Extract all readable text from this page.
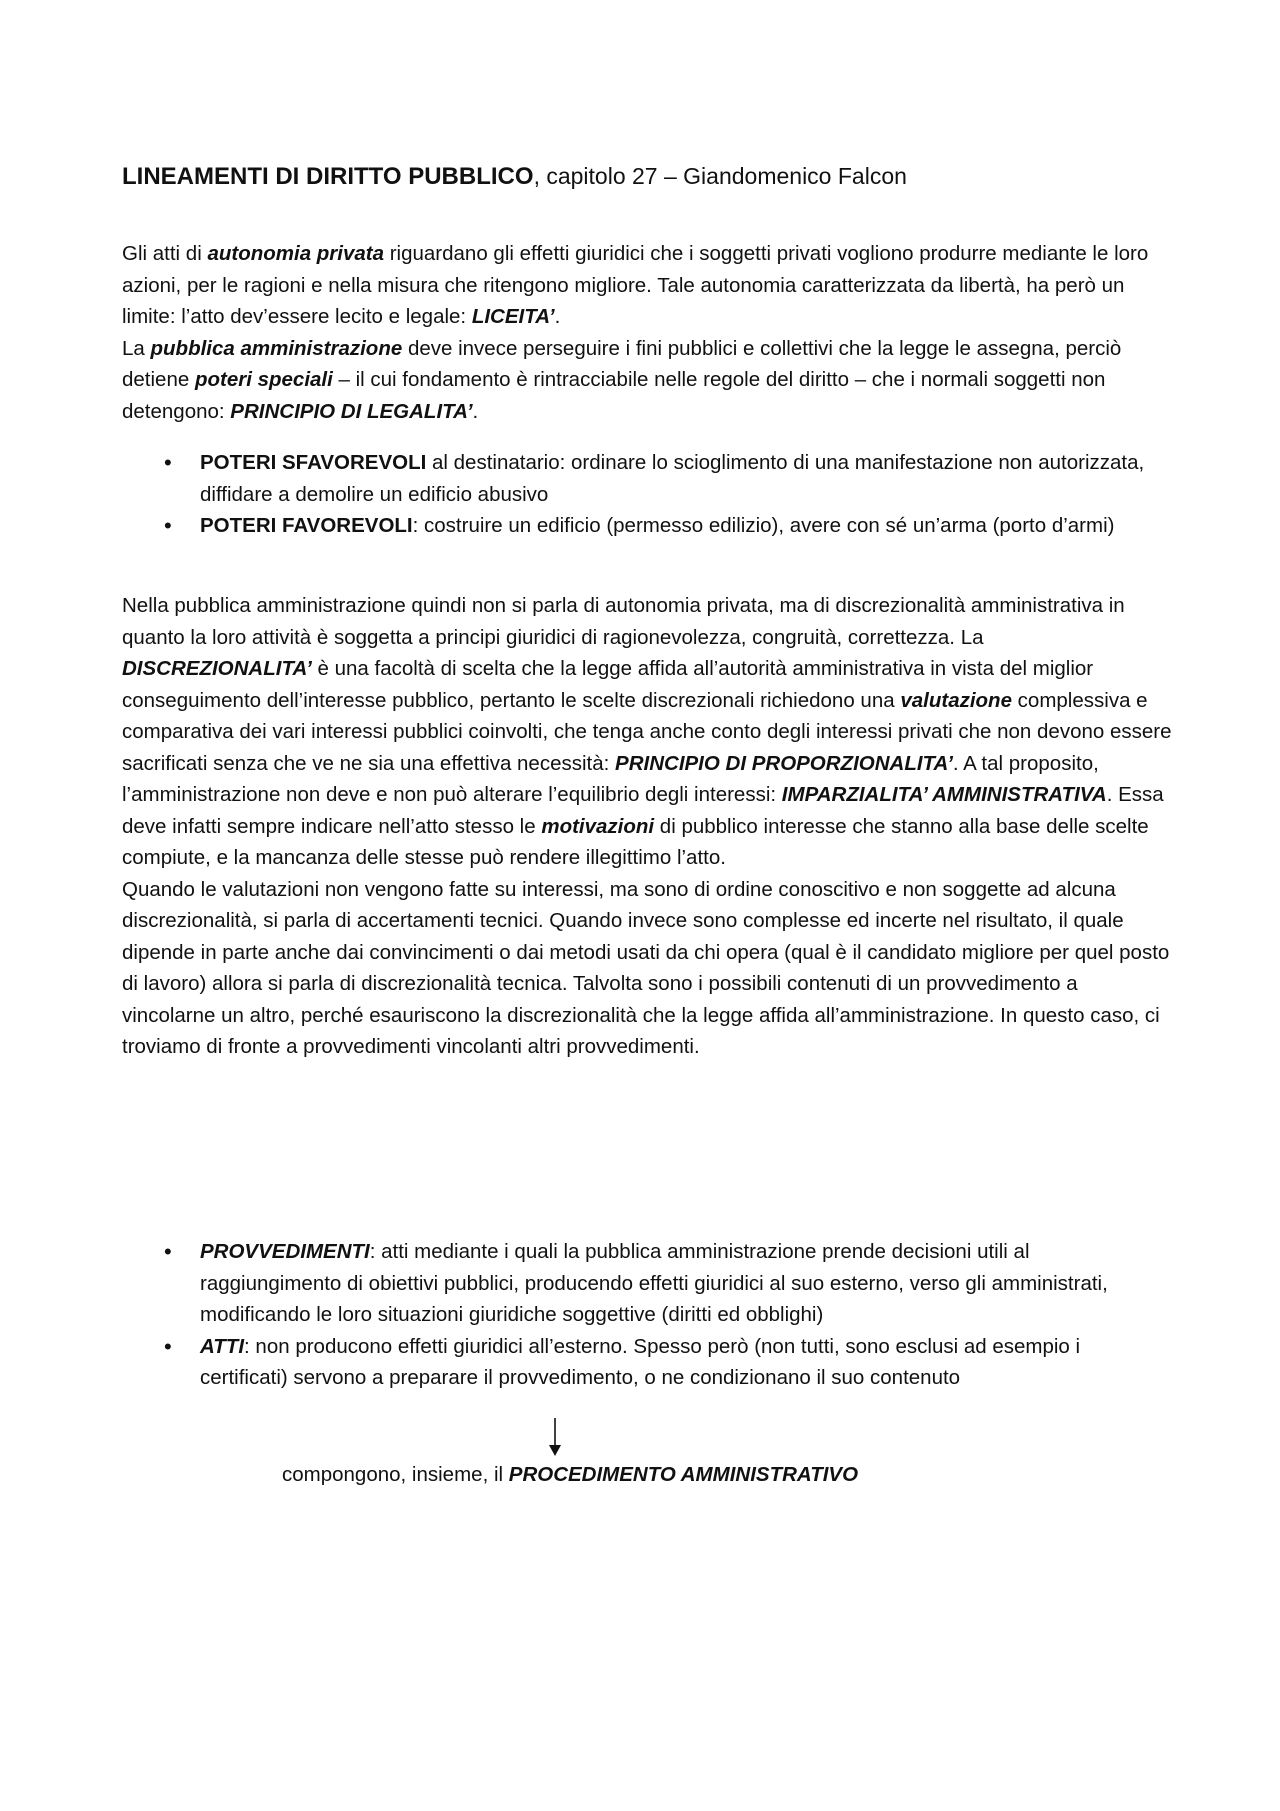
LINEAMENTI DI DIRITTO PUBBLICO, capitolo 27 – Giandomenico Falcon

Gli atti di autonomia privata riguardano gli effetti giuridici che i soggetti privati vogliono produrre mediante le loro azioni, per le ragioni e nella misura che ritengono migliore. Tale autonomia caratterizzata da libertà, ha però un limite: l’atto dev’essere lecito e legale: LICEITA’.

La pubblica amministrazione deve invece perseguire i fini pubblici e collettivi che la legge le assegna, perciò detiene poteri speciali – il cui fondamento è rintracciabile nelle regole del diritto – che i normali soggetti non detengono: PRINCIPIO DI LEGALITA’.

• POTERI SFAVOREVOLI al destinatario: ordinare lo scioglimento di una manifestazione non autorizzata, diffidare a demolire un edificio abusivo
• POTERI FAVOREVOLI: costruire un edificio (permesso edilizio), avere con sé un’arma (porto d’armi)

Nella pubblica amministrazione quindi non si parla di autonomia privata, ma di discrezionalità amministrativa in quanto la loro attività è soggetta a principi giuridici di ragionevolezza, congruità, correttezza. La DISCREZIONALITA’ è una facoltà di scelta che la legge affida all’autorità amministrativa in vista del miglior conseguimento dell’interesse pubblico, pertanto le scelte discrezionali richiedono una valutazione complessiva e comparativa dei vari interessi pubblici coinvolti, che tenga anche conto degli interessi privati che non devono essere sacrificati senza che ve ne sia una effettiva necessità: PRINCIPIO DI PROPORZIONALITA’. A tal proposito, l’amministrazione non deve e non può alterare l’equilibrio degli interessi: IMPARZIALITA’ AMMINISTRATIVA. Essa deve infatti sempre indicare nell’atto stesso le motivazioni di pubblico interesse che stanno alla base delle scelte compiute, e la mancanza delle stesse può rendere illegittimo l’atto.

Quando le valutazioni non vengono fatte su interessi, ma sono di ordine conoscitivo e non soggette ad alcuna discrezionalità, si parla di accertamenti tecnici. Quando invece sono complesse ed incerte nel risultato, il quale dipende in parte anche dai convincimenti o dai metodi usati da chi opera (qual è il candidato migliore per quel posto di lavoro) allora si parla di discrezionalità tecnica. Talvolta sono i possibili contenuti di un provvedimento a vincolarne un altro, perché esauriscono la discrezionalità che la legge affida all’amministrazione. In questo caso, ci troviamo di fronte a provvedimenti vincolanti altri provvedimenti.

• PROVVEDIMENTI: atti mediante i quali la pubblica amministrazione prende decisioni utili al raggiungimento di obiettivi pubblici, producendo effetti giuridici al suo esterno, verso gli amministrati, modificando le loro situazioni giuridiche soggettive (diritti ed obblighi)
• ATTI: non producono effetti giuridici all’esterno. Spesso però (non tutti, sono esclusi ad esempio i certificati) servono a preparare il provvedimento, o ne condizionano il suo contenuto
compongono, insieme, il PROCEDIMENTO AMMINISTRATIVO
